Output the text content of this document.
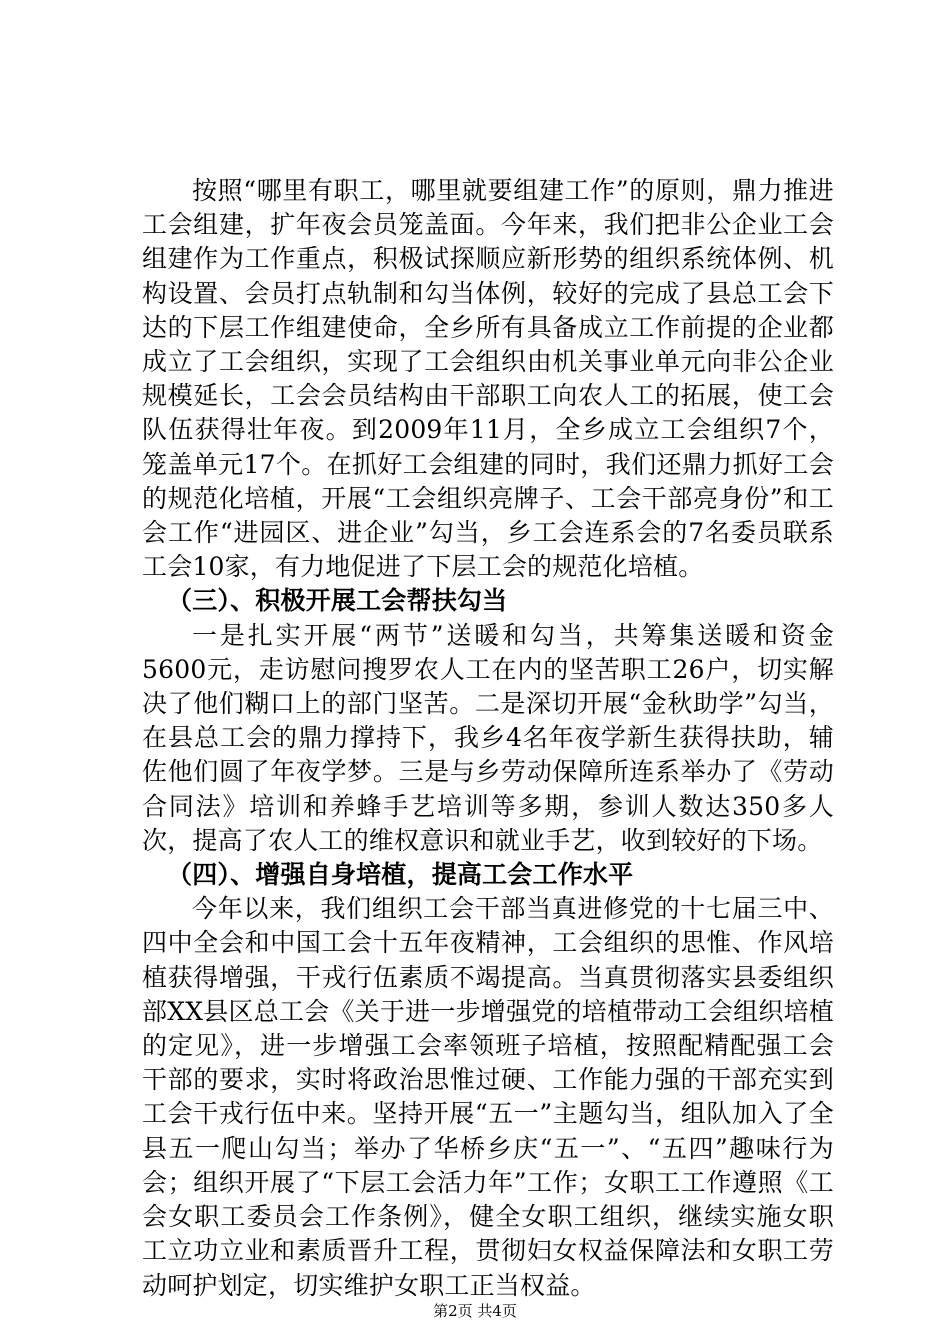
按照“哪里有职工，哪里就要组建工作”的原则，鼎力推进工会组建，扩年夜会员笼盖面。今年来，我们把非公企业工会组建作为工作重点，积极试探顺应新形势的组织系统体例、机构设置、会员打点轨制和勾当体例，较好的完成了县总工会下达的下层工作组建使命，全乡所有具备成立工作前提的企业都成立了工会组织，实现了工会组织由机关事业单元向非公企业规模延长，工会会员结构由干部职工向农人工的拓展，使工会队伍获得壮年夜。到2009年11月，全乡成立工会组织7个，笼盖单元17个。在抓好工会组建的同时，我们还鼎力抓好工会的规范化培植，开展“工会组织亮牌子、工会干部亮身份”和工会工作“进园区、进企业”勾当，乡工会连系会的7名委员联系工会10家，有力地促进了下层工会的规范化培植。

（三）、积极开展工会帮扶勾当

一是扎实开展“两节”送暖和勾当，共筹集送暖和资金5600元，走访慰问搜罗农人工在内的坚苦职工26户，切实解决了他们糊口上的部门坚苦。二是深切开展“金秋助学”勾当，在县总工会的鼎力撑持下，我乡4名年夜学新生获得扶助，辅佐他们圆了年夜学梦。三是与乡劳动保障所连系举办了《劳动合同法》培训和养蜂手艺培训等多期，参训人数达350多人次，提高了农人工的维权意识和就业手艺，收到较好的下场。

（四）、增强自身培植，提高工会工作水平

今年以来，我们组织工会干部当真进修党的十七届三中、四中全会和中国工会十五年夜精神，工会组织的思惟、作风培植获得增强，干戎行伍素质不竭提高。当真贯彻落实县委组织部XX县区总工会《关于进一步增强党的培植带动工会组织培植的定见》，进一步增强工会率领班子培植，按照配精配强工会干部的要求，实时将政治思惟过硬、工作能力强的干部充实到工会干戎行伍中来。坚持开展“五一”主题勾当，组队加入了全县五一爬山勾当；举办了华桥乡庆“五一”、“五四”趣味行为会；组织开展了“下层工会活力年”工作；女职工工作遵照《工会女职工委员会工作条例》，健全女职工组织，继续实施女职工立功立业和素质晋升工程，贯彻妇女权益保障法和女职工劳动呵护划定，切实维护女职工正当权益。

第2页 共4页
